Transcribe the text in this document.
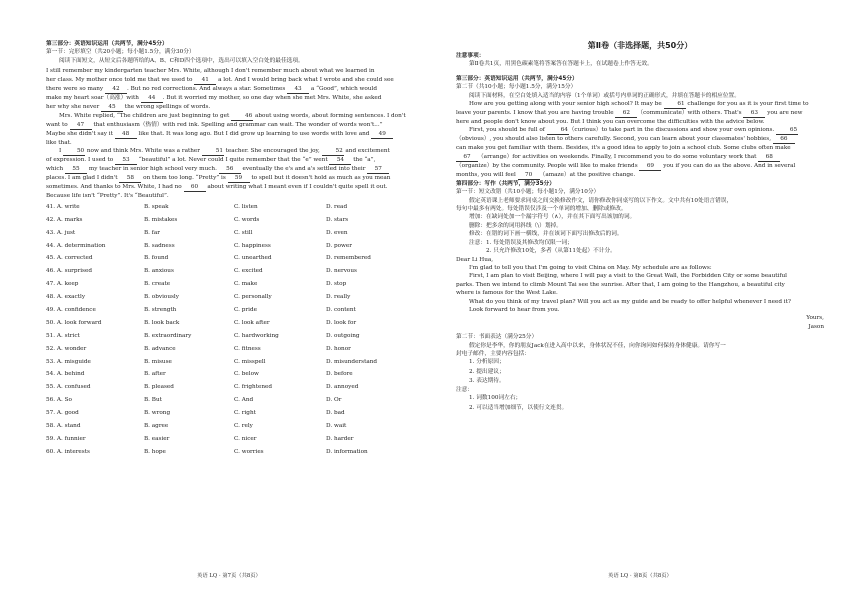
第三部分：英语知识运用（共两节，满分45分）
第一节：完形填空（共20小题；每小题1.5分，满分30分）
阅读下面短文，从短文后各题所给的A、B、C和D四个选项中，选出可以填入空白处的最佳选项。
I still remember my kindergarten teacher Mrs. White, although I don't remember much about what we learned in
her class. My mother once told me that we used to 41 a lot. And I would bring back what I wrote and she could see
there were so many 42 . But no red corrections. And always a star. Sometimes 43 a “Good”, which would
make my heart soar（高涨）with 44 . But it worried my mother, so one day when she met Mrs. White, she asked
her why she never 45 the wrong spellings of words.
Mrs. White replied, “The children are just beginning to get 46 about using words, about forming sentences. I don't
want to 47 that enthusiasm（热情）with red ink. Spelling and grammar can wait. The wonder of words won't...”
Maybe she didn't say it 48 like that. It was long ago. But I did grow up learning to use words with love and 49
like that.
I 50 now and think Mrs. White was a rather 51 teacher. She encouraged the joy, 52 and excitement
of expression. I used to 53 “beautiful” a lot. Never could I quite remember that the “e” went 54 the “a”,
which 55 my teacher in senior high school very much. 56 eventually the e's and a's settled into their 57
places. I am glad I didn't 58 on them too long. “Pretty” is 59 to spell but it doesn't hold as much as you mean
sometimes. And thanks to Mrs. White, I had no 60 about writing what I meant even if I couldn't quite spell it out.
Because life isn't “Pretty”. It's “Beautiful”.
41. A. write	B. speak	C. listen	D. read
42. A. marks	B. mistakes	C. words	D. stars
43. A. just	B. far	C. still	D. even
44. A. determination	B. sadness	C. happiness	D. power
45. A. corrected	B. found	C. unearthed	D. remembered
46. A. surprised	B. anxious	C. excited	D. nervous
47. A. keep	B. create	C. make	D. stop
48. A. exactly	B. obviously	C. personally	D. really
49. A. confidence	B. strength	C. pride	D. content
50. A. look forward	B. look back	C. look after	D. look for
51. A. strict	B. extraordinary	C. hardworking	D. outgoing
52. A. wonder	B. advance	C. fitness	D. honor
53. A. misguide	B. misuse	C. misspell	D. misunderstand
54. A. behind	B. after	C. below	D. before
55. A. confused	B. pleased	C. frightened	D. annoyed
56. A. So	B. But	C. And	D. Or
57. A. good	B. wrong	C. right	D. bad
58. A. stand	B. agree	C. rely	D. wait
59. A. funnier	B. easier	C. nicer	D. harder
60. A. interests	B. hope	C. worries	D. information
英语 LQ · 第7页（共8页）
第Ⅱ卷（非选择题，共50分）
注意事项：
第Ⅱ卷共1页，用黑色碳素笔将答案答在答题卡上，在试题卷上作答无效。
第三部分：英语知识运用（共两节，满分45分）
第二节（共10小题；每小题1.5分，满分15分）
阅读下面材料，在空白处填入适当的内容（1个单词）或括号内单词的正确形式，并填在答题卡的相应位置。
How are you getting along with your senior high school? It may be 61 challenge for you as it is your first time to
leave your parents. I know that you are having trouble 62 （communicate）with others. That's 63 you are new
here and people don't know about you. But I think you can overcome the difficulties with the advice below.
First, you should be full of 64（curious）to take part in the discussions and show your own opinions. 65
（obvious）, you should also listen to others carefully. Second, you can learn about your classmates' hobbies, 66
can make you get familiar with them. Besides, it's a good idea to apply to join a school club. Some clubs often make
67 （arrange）for activities on weekends. Finally, I recommend you to do some voluntary work that 68
（organize）by the community. People will like to make friends 69 you if you can do as the above. And in several
months, you will feel 70 （amaze）at the positive change.
第四部分：写作（共两节，满分35分）
第一节：短文改错（共10小题；每小题1分，满分10分）
假定英语课上老师要求同桌之间交换修改作文，请你修改你同桌写的以下作文。文中共有10处语言错误，
每句中最多有两处。每处错误仅涉及一个单词的增加、删除或修改。
增加：在缺词处加一个漏字符号（∧），并在其下面写出该加的词。
删除：把多余的词用斜线（\）划掉。
修改：在错的词下画一横线，并在该词下面写出修改后的词。
注意：1. 每处错误及其修改均仅限一词；
　　　2. 只允许修改10处，多者（从第11处起）不计分。
Dear Li Hua,
I'm glad to tell you that I'm going to visit China on May. My schedule are as follows:
First, I am plan to visit Beijing, where I will pay a visit to the Great Wall, the Forbidden City or some beautiful
parks. Then we intend to climb Mount Tai see the sunrise. After that, I am going to the Hangzhou, a beautiful city
where is famous for the West Lake.
What do you think of my travel plan? Will you act as my guide and be ready to offer helpful whenever I need it?
Look forward to hear from you.
Yours,
Jason
第二节：书面表达（满分25分）
假定你是李华，你的朋友Jack在进入高中以来，身体状况不佳，向你询问如何保持身体健康。请你写一
封电子邮件，主要内容包括：
1. 分析原因；
2. 提出建议；
3. 表达期待。
注意：
1. 词数100词左右；
2. 可以适当增加细节，以使行文连贯。
英语 LQ · 第8页（共8页）
